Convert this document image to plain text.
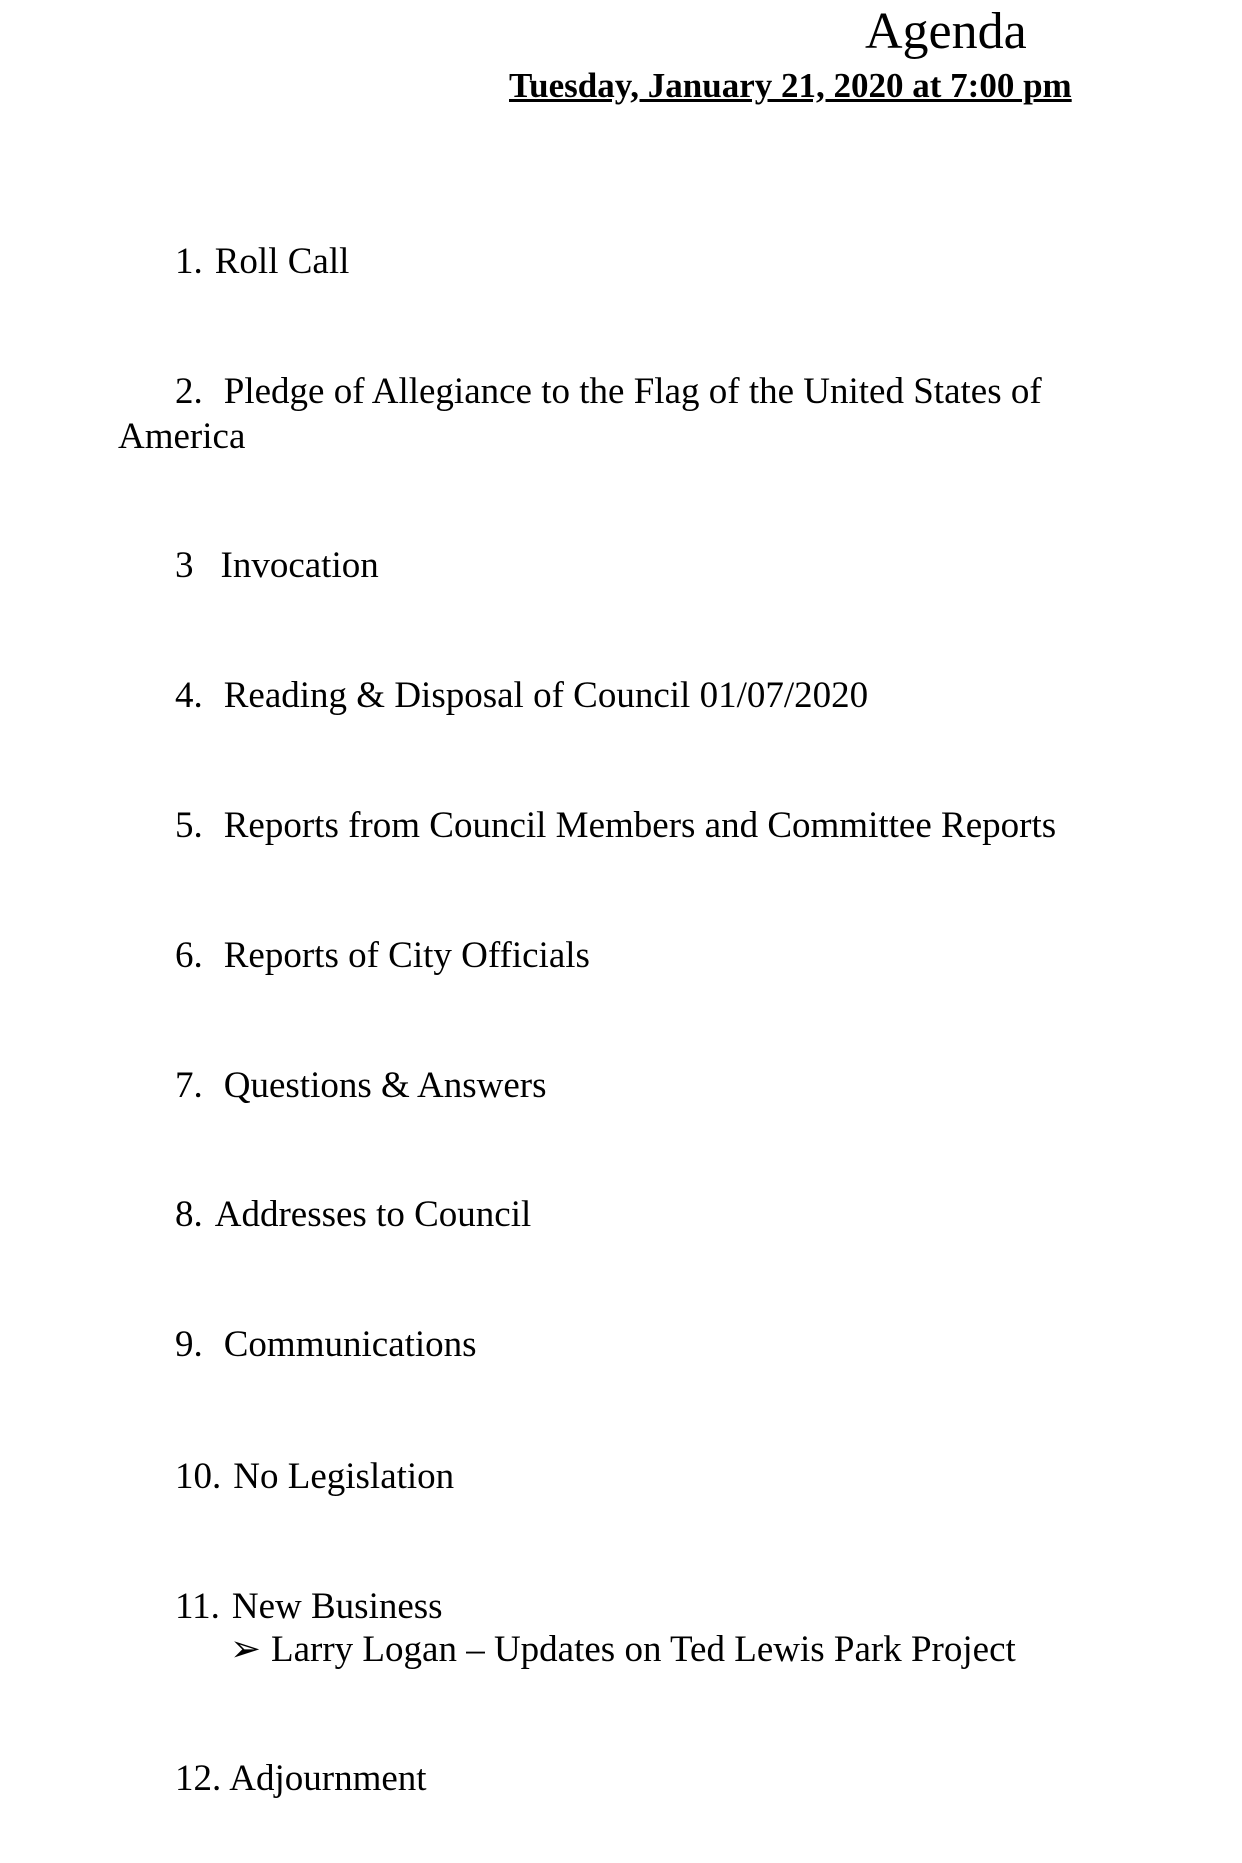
Agenda
Tuesday, January 21, 2020 at 7:00 pm
1. Roll Call
2. Pledge of Allegiance to the Flag of the United States of
America
3 Invocation
4. Reading & Disposal of Council 01/07/2020
5. Reports from Council Members and Committee Reports
6. Reports of City Officials
7. Questions & Answers
8. Addresses to Council
9. Communications
10. No Legislation
11. New Business
➢ Larry Logan – Updates on Ted Lewis Park Project
12. Adjournment
